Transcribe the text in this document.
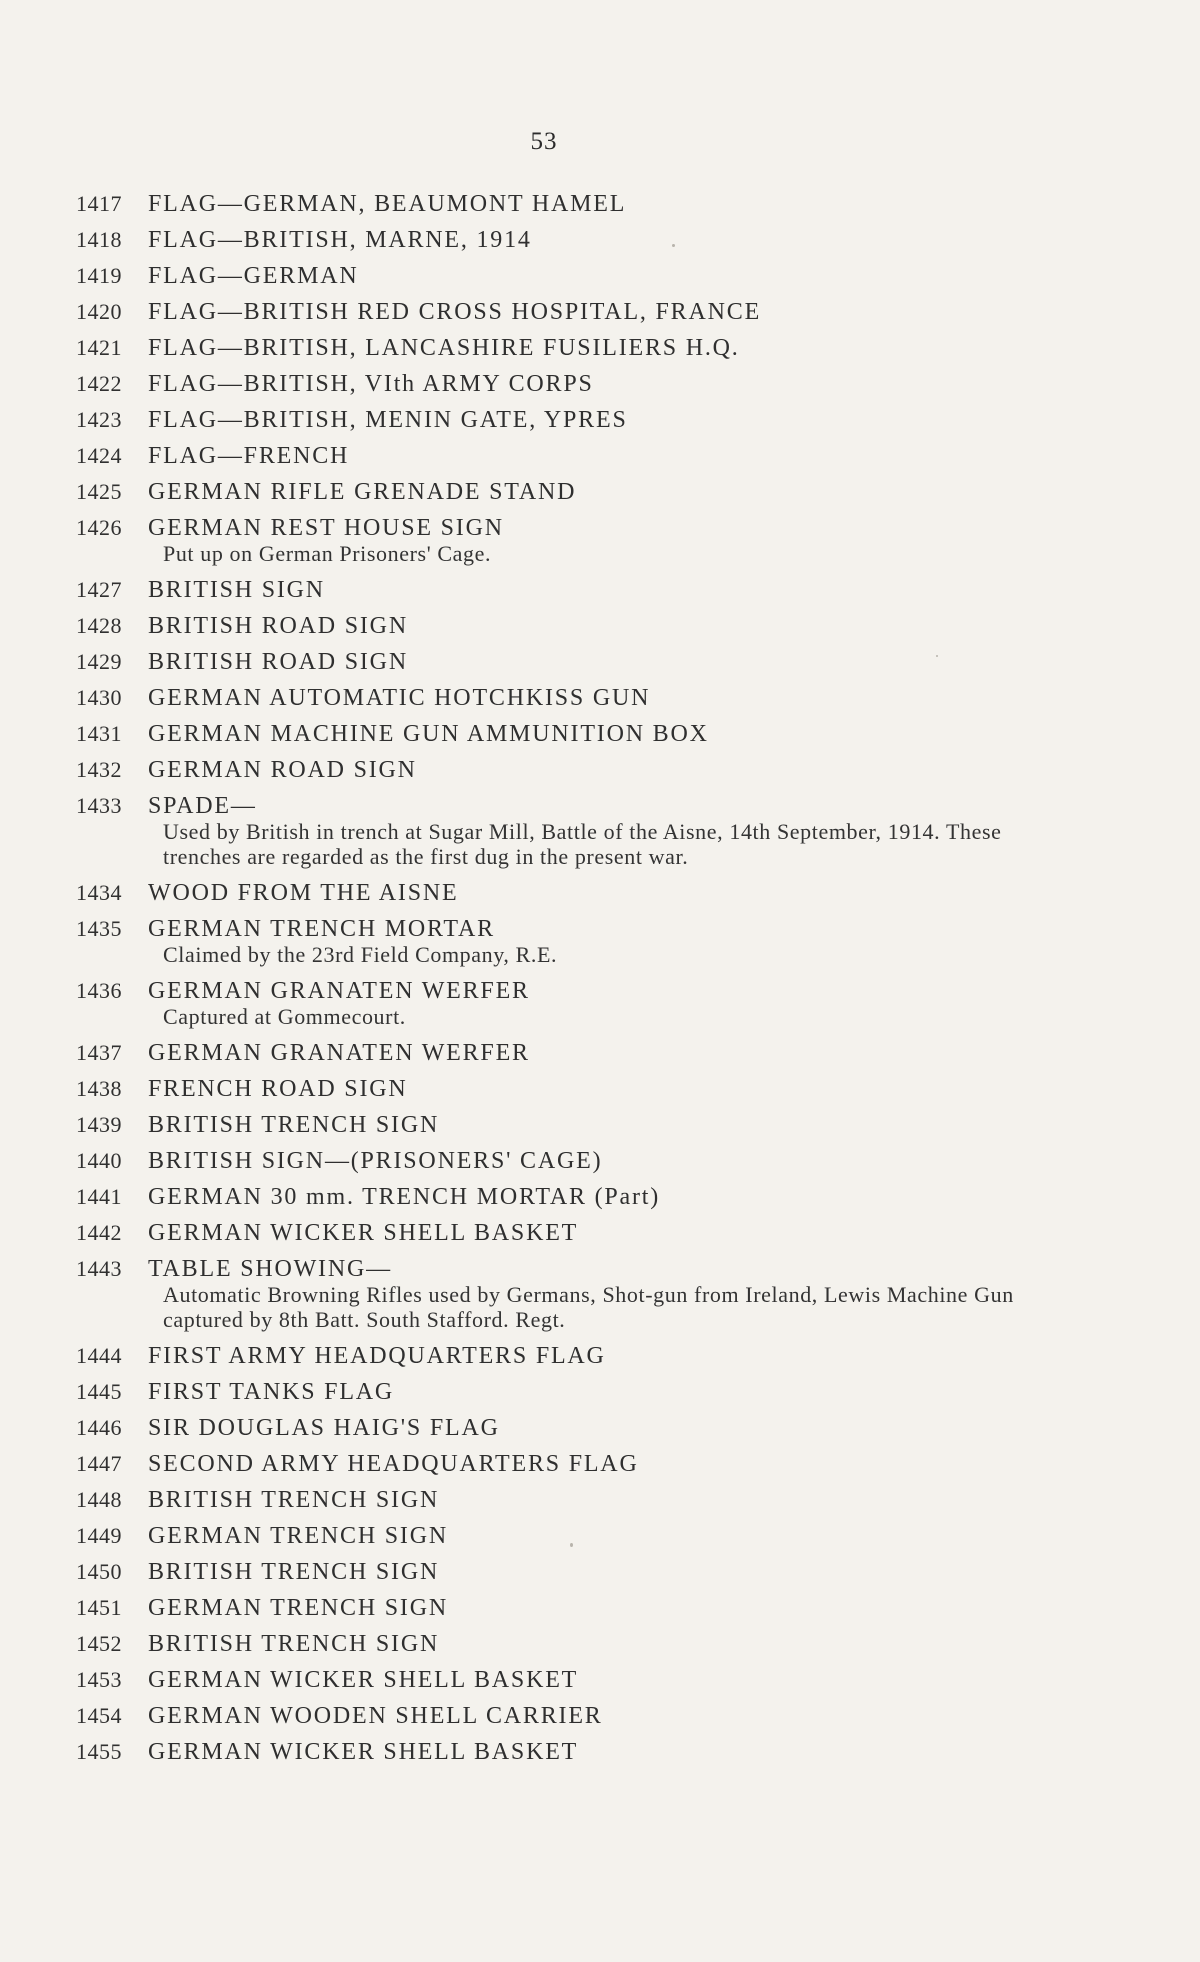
53
1417	FLAG—GERMAN, BEAUMONT HAMEL
1418	FLAG—BRITISH, MARNE, 1914
1419	FLAG—GERMAN
1420	FLAG—BRITISH RED CROSS HOSPITAL, FRANCE
1421	FLAG—BRITISH, LANCASHIRE FUSILIERS H.Q.
1422	FLAG—BRITISH, VIth ARMY CORPS
1423	FLAG—BRITISH, MENIN GATE, YPRES
1424	FLAG—FRENCH
1425	GERMAN RIFLE GRENADE STAND
1426	GERMAN REST HOUSE SIGN
Put up on German Prisoners' Cage.
1427	BRITISH SIGN
1428	BRITISH ROAD SIGN
1429	BRITISH ROAD SIGN
1430	GERMAN AUTOMATIC HOTCHKISS GUN
1431	GERMAN MACHINE GUN AMMUNITION BOX
1432	GERMAN ROAD SIGN
1433	SPADE—
Used by British in trench at Sugar Mill, Battle of the Aisne, 14th September, 1914. These trenches are regarded as the first dug in the present war.
1434	WOOD FROM THE AISNE
1435	GERMAN TRENCH MORTAR
Claimed by the 23rd Field Company, R.E.
1436	GERMAN GRANATEN WERFER
Captured at Gommecourt.
1437	GERMAN GRANATEN WERFER
1438	FRENCH ROAD SIGN
1439	BRITISH TRENCH SIGN
1440	BRITISH SIGN—(PRISONERS' CAGE)
1441	GERMAN 30 mm. TRENCH MORTAR (Part)
1442	GERMAN WICKER SHELL BASKET
1443	TABLE SHOWING—
Automatic Browning Rifles used by Germans, Shot-gun from Ireland, Lewis Machine Gun captured by 8th Batt. South Stafford. Regt.
1444	FIRST ARMY HEADQUARTERS FLAG
1445	FIRST TANKS FLAG
1446	SIR DOUGLAS HAIG'S FLAG
1447	SECOND ARMY HEADQUARTERS FLAG
1448	BRITISH TRENCH SIGN
1449	GERMAN TRENCH SIGN
1450	BRITISH TRENCH SIGN
1451	GERMAN TRENCH SIGN
1452	BRITISH TRENCH SIGN
1453	GERMAN WICKER SHELL BASKET
1454	GERMAN WOODEN SHELL CARRIER
1455	GERMAN WICKER SHELL BASKET
